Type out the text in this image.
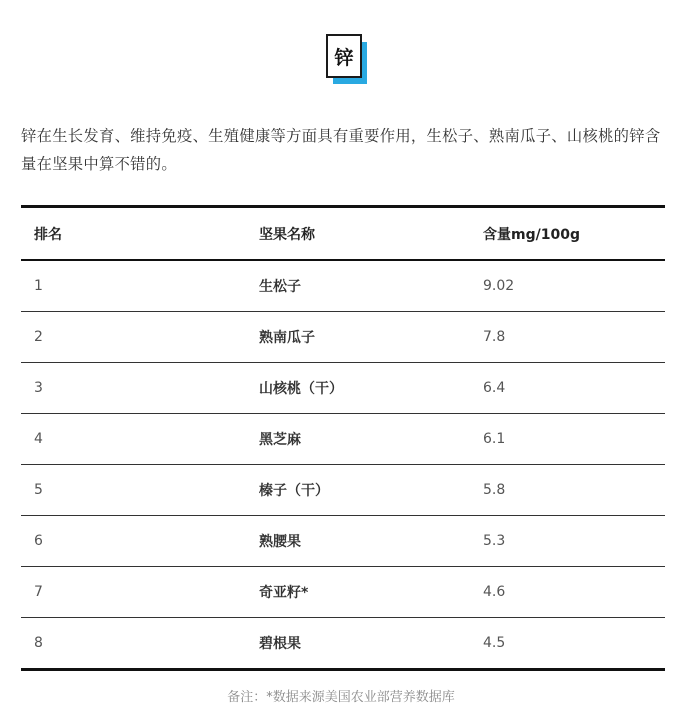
锌

锌在生长发育、维持免疫、生殖健康等方面具有重要作用，生松子、熟南瓜子、山核桃的锌含量在坚果中算不错的。

排名	坚果名称	含量mg/100g
1	生松子	9.02
2	熟南瓜子	7.8
3	山核桃（干）	6.4
4	黑芝麻	6.1
5	榛子（干）	5.8
6	熟腰果	5.3
7	奇亚籽*	4.6
8	碧根果	4.5
备注：*数据来源美国农业部营养数据库
